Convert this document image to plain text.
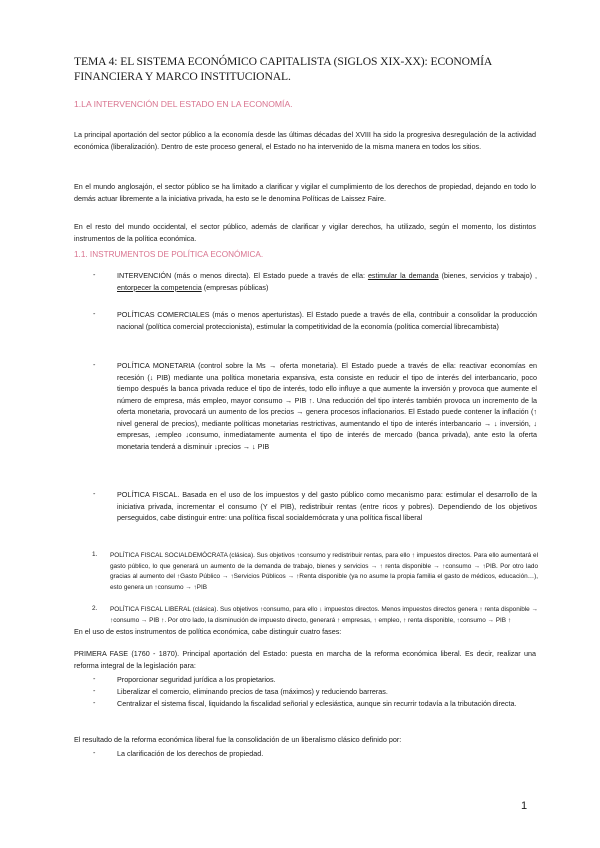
TEMA 4: EL SISTEMA ECONÓMICO CAPITALISTA (SIGLOS XIX-XX): ECONOMÍA FINANCIERA Y MARCO INSTITUCIONAL.
1.LA INTERVENCIÓN DEL ESTADO EN LA ECONOMÍA.

La principal aportación del sector público a la economía desde las últimas décadas del XVIII ha sido la progresiva desregulación de la actividad económica (liberalización). Dentro de este proceso general, el Estado no ha intervenido de la misma manera en todos los sitios.

En el mundo anglosajón, el sector público se ha limitado a clarificar y vigilar el cumplimiento de los derechos de propiedad, dejando en todo lo demás actuar libremente a la iniciativa privada, ha esto se le denomina Políticas de Laissez Faire.

En el resto del mundo occidental, el sector público, además de clarificar y vigilar derechos, ha utilizado, según el momento, los distintos instrumentos de la política económica.

1.1. INSTRUMENTOS DE POLÍTICA ECONÓMICA.
-	INTERVENCIÓN (más o menos directa). El Estado puede a través de ella: estimular la demanda (bienes, servicios y trabajo) , entorpecer la competencia (empresas públicas)

-	POLÍTICAS COMERCIALES (más o menos aperturistas). El Estado puede a través de ella, contribuir a consolidar la producción nacional (política comercial proteccionista), estimular la competitividad de la economía (política comercial librecambista)

-	POLÍTICA MONETARIA (control sobre la Ms → oferta monetaria). El Estado puede a través de ella: reactivar economías en recesión (↓ PIB) mediante una política monetaria expansiva, esta consiste en reducir el tipo de interés del interbancario, poco tiempo después la banca privada reduce el tipo de interés, todo ello influye a que aumente la inversión y provoca que aumente el número de empresa, más empleo, mayor consumo → PIB ↑. Una reducción del tipo interés también provoca un incremento de la oferta monetaria, provocará un aumento de los precios → genera procesos inflacionarios. El Estado puede contener la inflación (↑ nivel general de precios), mediante políticas monetarias restrictivas, aumentando el tipo de interés interbancario → ↓ inversión, ↓ empresas, ↓empleo ↓consumo, inmediatamente aumenta el tipo de interés de mercado (banca privada), ante esto la oferta monetaria tenderá a disminuir ↓precios → ↓ PIB

-	POLÍTICA FISCAL. Basada en el uso de los impuestos y del gasto público como mecanismo para: estimular el desarrollo de la iniciativa privada, incrementar el consumo (Y el PIB), redistribuir rentas (entre ricos y pobres). Dependiendo de los objetivos perseguidos, cabe distinguir entre: una política fiscal socialdemócrata y una política fiscal liberal

1. POLÍTICA FISCAL SOCIALDEMÓCRATA (clásica). Sus objetivos ↑consumo y redistribuir rentas, para ello ↑ impuestos directos. Para ello aumentará el gasto público, lo que generará un aumento de la demanda de trabajo, bienes y servicios → ↑ renta disponible → ↑consumo → ↑PIB. Por otro lado gracias al aumento del ↑Gasto Público → ↑Servicios Públicos → ↑Renta disponible (ya no asume la propia familia el gasto de médicos, educación…), esto genera un ↑consumo → ↑PIB

2. POLÍTICA FISCAL LIBERAL (clásica). Sus objetivos ↑consumo, para ello ↓ impuestos directos. Menos impuestos directos genera ↑ renta disponible → ↑consumo → PIB ↑. Por otro lado, la disminución de impuesto directo, generará ↑ empresas, ↑ empleo, ↑ renta disponible, ↑consumo → PIB ↑

En el uso de estos instrumentos de política económica, cabe distinguir cuatro fases:

PRIMERA FASE (1760 - 1870). Principal aportación del Estado: puesta en marcha de la reforma económica liberal. Es decir, realizar una reforma integral de la legislación para:

-	Proporcionar seguridad jurídica a los propietarios.

-	Liberalizar el comercio, eliminando precios de tasa (máximos) y reduciendo barreras.

-	Centralizar el sistema fiscal, liquidando la fiscalidad señorial y eclesiástica, aunque sin recurrir todavía a la tributación directa.

El resultado de la reforma económica liberal fue la consolidación de un liberalismo clásico definido por:

-	La clarificación de los derechos de propiedad.

1
